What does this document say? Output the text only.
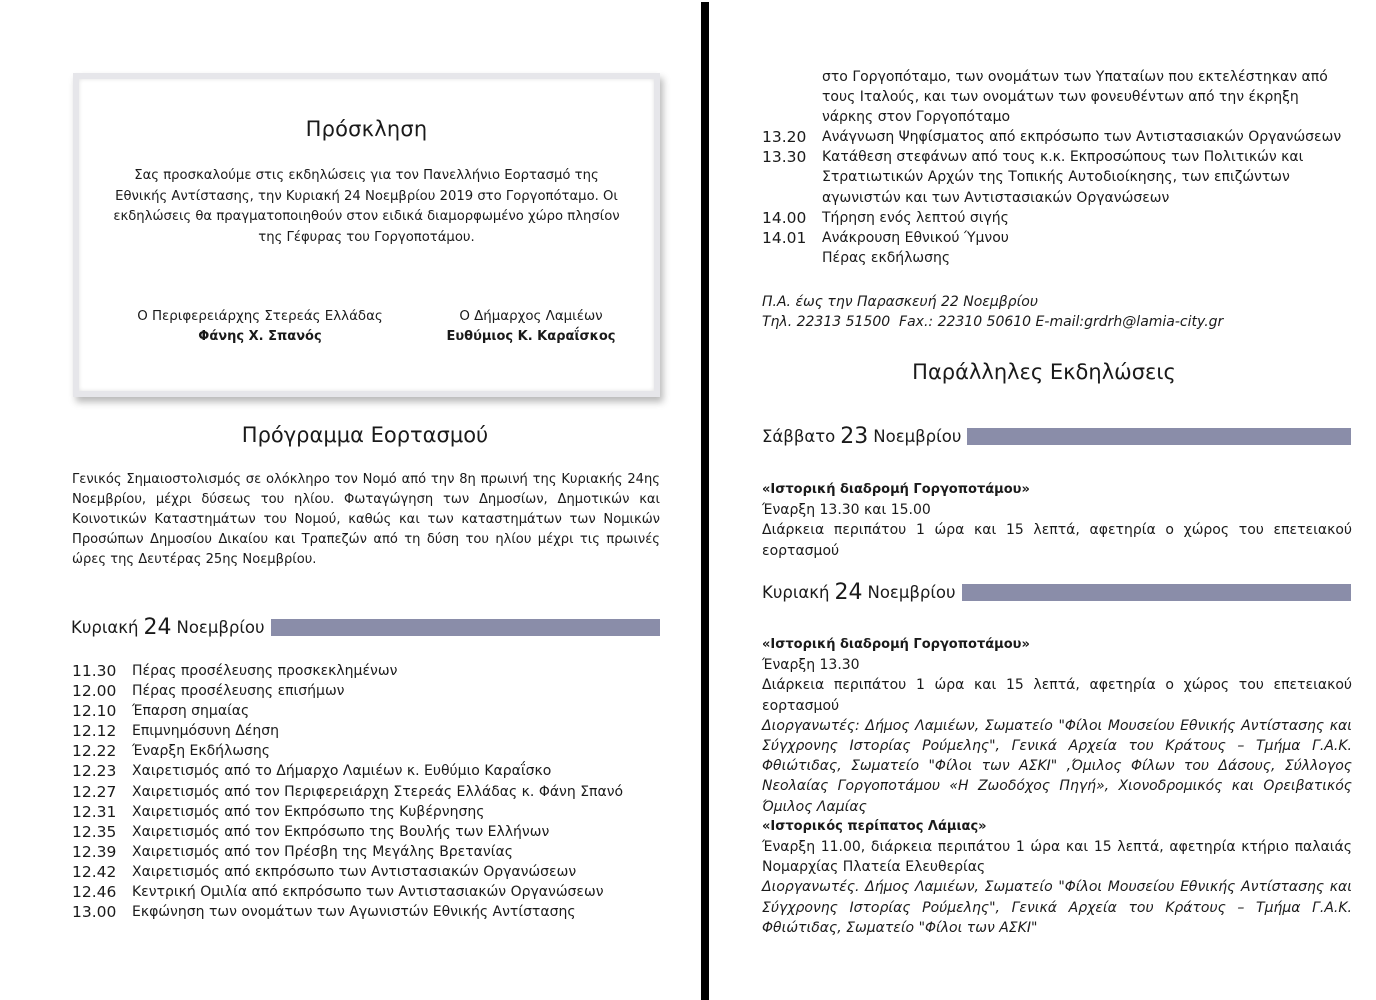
Πρόσκληση
Σας προσκαλούμε στις εκδηλώσεις για τον Πανελλήνιο Εορτασμό της Εθνικής Αντίστασης, την Κυριακή 24 Νοεμβρίου 2019 στο Γοργοπόταμο. Οι εκδηλώσεις θα πραγματοποιηθούν στον ειδικά διαμορφωμένο χώρο πλησίον της Γέφυρας του Γοργοποτάμου.
Ο Περιφερειάρχης Στερεάς Ελλάδας
Φάνης Χ. Σπανός
Ο Δήμαρχος Λαμιέων
Ευθύμιος Κ. Καραΐσκος
Πρόγραμμα Εορτασμού
Γενικός Σημαιοστολισμός σε ολόκληρο τον Νομό από την 8η πρωινή της Κυριακής 24ης Νοεμβρίου, μέχρι δύσεως του ηλίου. Φωταγώγηση των Δημοσίων, Δημοτικών και Κοινοτικών Καταστημάτων του Νομού, καθώς και των καταστημάτων των Νομικών Προσώπων Δημοσίου Δικαίου και Τραπεζών από τη δύση του ηλίου μέχρι τις πρωινές ώρες της Δευτέρας 25ης Νοεμβρίου.
Κυριακή 24 Νοεμβρίου
11.30	Πέρας προσέλευσης προσκεκλημένων
12.00	Πέρας προσέλευσης επισήμων
12.10	Έπαρση σημαίας
12.12	Επιμνημόσυνη Δέηση
12.22	Έναρξη Εκδήλωσης
12.23	Χαιρετισμός από το Δήμαρχο Λαμιέων κ. Ευθύμιο Καραΐσκο
12.27	Χαιρετισμός από τον Περιφερειάρχη Στερεάς Ελλάδας κ. Φάνη Σπανό
12.31	Χαιρετισμός από τον Εκπρόσωπο της Κυβέρνησης
12.35	Χαιρετισμός από τον Εκπρόσωπο της Βουλής των Ελλήνων
12.39	Χαιρετισμός από τον Πρέσβη της Μεγάλης Βρετανίας
12.42	Χαιρετισμός από εκπρόσωπο των Αντιστασιακών Οργανώσεων
12.46	Κεντρική Ομιλία από εκπρόσωπο των Αντιστασιακών Οργανώσεων
13.00	Εκφώνηση των ονομάτων των Αγωνιστών Εθνικής Αντίστασης
στο Γοργοπόταμο, των ονομάτων των Υπαταίων που εκτελέστηκαν από τους Ιταλούς, και των ονομάτων των φονευθέντων από την έκρηξη νάρκης στον Γοργοπόταμο
13.20	Ανάγνωση Ψηφίσματος από εκπρόσωπο των Αντιστασιακών Οργανώσεων
13.30	Κατάθεση στεφάνων από τους κ.κ. Εκπροσώπους των Πολιτικών και Στρατιωτικών Αρχών της Τοπικής Αυτοδιοίκησης, των επιζώντων αγωνιστών και των Αντιστασιακών Οργανώσεων
14.00	Τήρηση ενός λεπτού σιγής
14.01	Ανάκρουση Εθνικού Ύμνου
Πέρας εκδήλωσης
Π.Α. έως την Παρασκευή 22 Νοεμβρίου
Τηλ. 22313 51500  Fax.: 22310 50610 E-mail:grdrh@lamia-city.gr
Παράλληλες Εκδηλώσεις
Σάββατο 23 Νοεμβρίου
«Ιστορική διαδρομή Γοργοποτάμου»
Έναρξη 13.30 και 15.00
Διάρκεια περιπάτου 1 ώρα και 15 λεπτά, αφετηρία ο χώρος του επετειακού εορτασμού
Κυριακή 24 Νοεμβρίου
«Ιστορική διαδρομή Γοργοποτάμου»
Έναρξη 13.30
Διάρκεια περιπάτου 1 ώρα και 15 λεπτά, αφετηρία ο χώρος του επετειακού εορτασμού
Διοργανωτές: Δήμος Λαμιέων, Σωματείο "Φίλοι Μουσείου Εθνικής Αντίστασης και Σύγχρονης Ιστορίας Ρούμελης", Γενικά Αρχεία του Κράτους – Τμήμα Γ.Α.Κ. Φθιώτιδας, Σωματείο "Φίλοι των ΑΣΚΙ" ,Όμιλος Φίλων του Δάσους, Σύλλογος Νεολαίας Γοργοποτάμου «Η Ζωοδόχος Πηγή», Χιονοδρομικός και Ορειβατικός Όμιλος Λαμίας
«Ιστορικός περίπατος Λάμιας»
Έναρξη 11.00, διάρκεια περιπάτου 1 ώρα και 15 λεπτά, αφετηρία κτήριο παλαιάς Νομαρχίας Πλατεία Ελευθερίας
Διοργανωτές. Δήμος Λαμιέων, Σωματείο "Φίλοι Μουσείου Εθνικής Αντίστασης και Σύγχρονης Ιστορίας Ρούμελης", Γενικά Αρχεία του Κράτους – Τμήμα Γ.Α.Κ. Φθιώτιδας, Σωματείο "Φίλοι των ΑΣΚΙ"
